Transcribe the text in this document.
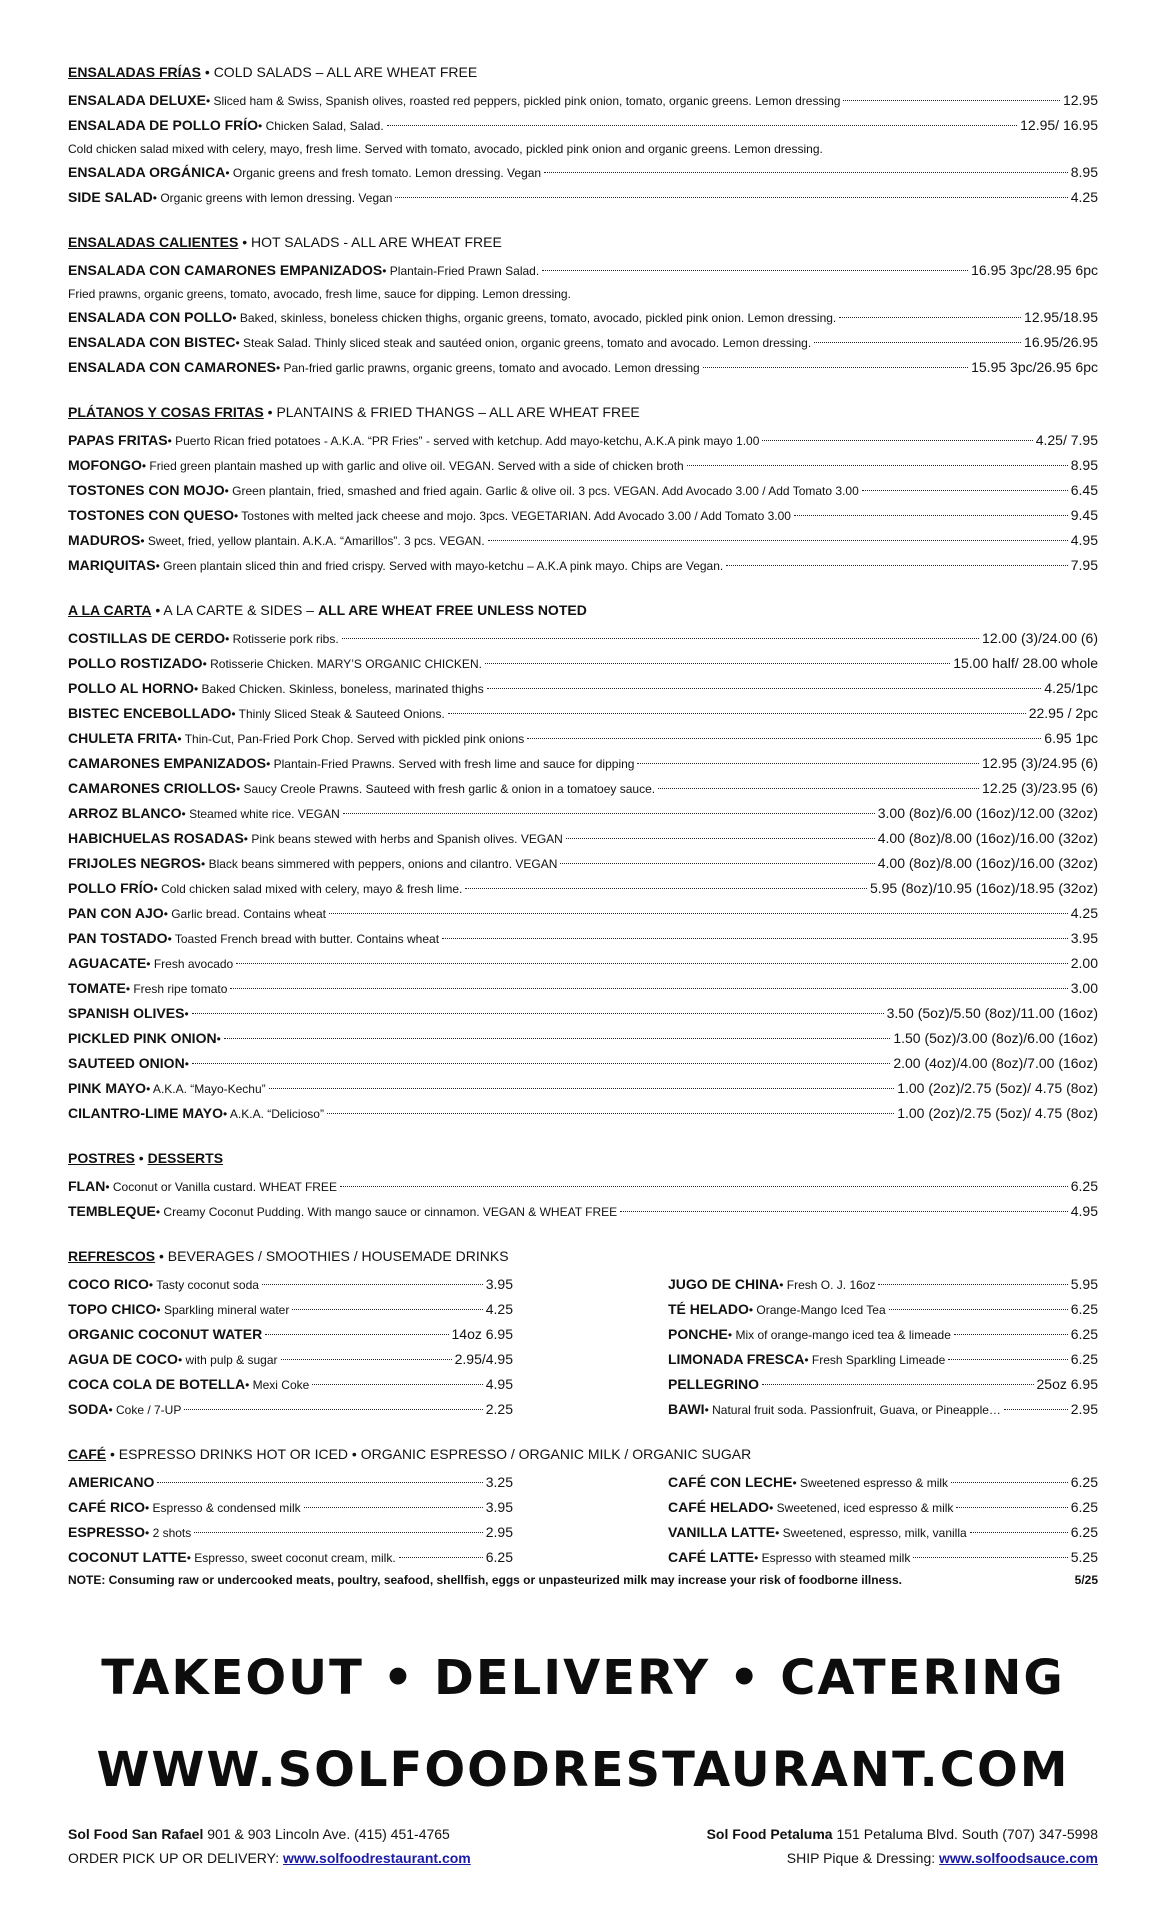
ENSALADAS FRÍAS • COLD SALADS – ALL ARE WHEAT FREE
ENSALADA DELUXE • Sliced ham & Swiss, Spanish olives, roasted red peppers, pickled pink onion, tomato, organic greens. Lemon dressing	12.95
ENSALADA DE POLLO FRÍO • Chicken Salad, Salad.	12.95/ 16.95
Cold chicken salad mixed with celery, mayo, fresh lime. Served with tomato, avocado, pickled pink onion and organic greens. Lemon dressing.
ENSALADA ORGÁNICA • Organic greens and fresh tomato. Lemon dressing. Vegan	8.95
SIDE SALAD • Organic greens with lemon dressing. Vegan	4.25
ENSALADAS CALIENTES • HOT SALADS - ALL ARE WHEAT FREE
ENSALADA CON CAMARONES EMPANIZADOS • Plantain-Fried Prawn Salad.	16.95 3pc/28.95 6pc
Fried prawns, organic greens, tomato, avocado, fresh lime, sauce for dipping. Lemon dressing.
ENSALADA CON POLLO • Baked, skinless, boneless chicken thighs, organic greens, tomato, avocado, pickled pink onion. Lemon dressing.	12.95/18.95
ENSALADA CON BISTEC • Steak Salad. Thinly sliced steak and sautéed onion, organic greens, tomato and avocado. Lemon dressing.	16.95/26.95
ENSALADA CON CAMARONES • Pan-fried garlic prawns, organic greens, tomato and avocado. Lemon dressing	15.95 3pc/26.95 6pc
PLÁTANOS Y COSAS FRITAS • PLANTAINS & FRIED THANGS – ALL ARE WHEAT FREE
PAPAS FRITAS • Puerto Rican fried potatoes - A.K.A. “PR Fries” - served with ketchup. Add mayo-ketchu, A.K.A pink mayo 1.00	4.25/ 7.95
MOFONGO • Fried green plantain mashed up with garlic and olive oil. VEGAN. Served with a side of chicken broth	8.95
TOSTONES CON MOJO • Green plantain, fried, smashed and fried again. Garlic & olive oil. 3 pcs. VEGAN. Add Avocado 3.00 / Add Tomato 3.00	6.45
TOSTONES CON QUESO • Tostones with melted jack cheese and mojo. 3pcs. VEGETARIAN. Add Avocado 3.00 / Add Tomato 3.00	9.45
MADUROS • Sweet, fried, yellow plantain. A.K.A. “Amarillos”. 3 pcs. VEGAN.	4.95
MARIQUITAS • Green plantain sliced thin and fried crispy. Served with mayo-ketchu – A.K.A pink mayo. Chips are Vegan.	7.95
A LA CARTA • A LA CARTE & SIDES – ALL ARE WHEAT FREE UNLESS NOTED
COSTILLAS DE CERDO • Rotisserie pork ribs.	12.00 (3)/24.00 (6)
POLLO ROSTIZADO • Rotisserie Chicken. MARY’S ORGANIC CHICKEN.	15.00 half/ 28.00 whole
POLLO AL HORNO • Baked Chicken. Skinless, boneless, marinated thighs	4.25/1pc
BISTEC ENCEBOLLADO • Thinly Sliced Steak & Sauteed Onions.	22.95 / 2pc
CHULETA FRITA • Thin-Cut, Pan-Fried Pork Chop. Served with pickled pink onions	6.95 1pc
CAMARONES EMPANIZADOS • Plantain-Fried Prawns. Served with fresh lime and sauce for dipping	12.95 (3)/24.95 (6)
CAMARONES CRIOLLOS • Saucy Creole Prawns. Sauteed with fresh garlic & onion in a tomatoey sauce.	12.25 (3)/23.95 (6)
ARROZ BLANCO • Steamed white rice. VEGAN	3.00 (8oz)/6.00 (16oz)/12.00 (32oz)
HABICHUELAS ROSADAS • Pink beans stewed with herbs and Spanish olives. VEGAN	4.00 (8oz)/8.00 (16oz)/16.00 (32oz)
FRIJOLES NEGROS • Black beans simmered with peppers, onions and cilantro. VEGAN	4.00 (8oz)/8.00 (16oz)/16.00 (32oz)
POLLO FRÍO • Cold chicken salad mixed with celery, mayo & fresh lime.	5.95 (8oz)/10.95 (16oz)/18.95 (32oz)
PAN CON AJO • Garlic bread. Contains wheat	4.25
PAN TOSTADO • Toasted French bread with butter. Contains wheat	3.95
AGUACATE • Fresh avocado	2.00
TOMATE • Fresh ripe tomato	3.00
SPANISH OLIVES •	3.50 (5oz)/5.50 (8oz)/11.00 (16oz)
PICKLED PINK ONION •	1.50 (5oz)/3.00 (8oz)/6.00 (16oz)
SAUTEED ONION •	2.00 (4oz)/4.00 (8oz)/7.00 (16oz)
PINK MAYO • A.K.A. “Mayo-Kechu”	1.00 (2oz)/2.75 (5oz)/ 4.75 (8oz)
CILANTRO-LIME MAYO • A.K.A. “Delicioso”	1.00 (2oz)/2.75 (5oz)/ 4.75 (8oz)
POSTRES • DESSERTS
FLAN • Coconut or Vanilla custard. WHEAT FREE	6.25
TEMBLEQUE • Creamy Coconut Pudding. With mango sauce or cinnamon. VEGAN & WHEAT FREE	4.95
REFRESCOS • BEVERAGES / SMOOTHIES / HOUSEMADE DRINKS
COCO RICO • Tasty coconut soda	3.95
TOPO CHICO • Sparkling mineral water	4.25
ORGANIC COCONUT WATER	14oz 6.95
AGUA DE COCO • with pulp & sugar	2.95/4.95
COCA COLA DE BOTELLA • Mexi Coke	4.95
SODA • Coke / 7-UP	2.25
JUGO DE CHINA • Fresh O. J. 16oz	5.95
TÉ HELADO • Orange-Mango Iced Tea	6.25
PONCHE • Mix of orange-mango iced tea & limeade	6.25
LIMONADA FRESCA • Fresh Sparkling Limeade	6.25
PELLEGRINO	25oz 6.95
BAWI • Natural fruit soda. Passionfruit, Guava, or Pineapple…	2.95
CAFÉ • ESPRESSO DRINKS HOT OR ICED • ORGANIC ESPRESSO / ORGANIC MILK / ORGANIC SUGAR
AMERICANO	3.25
CAFÉ RICO • Espresso & condensed milk	3.95
ESPRESSO • 2 shots	2.95
COCONUT LATTE • Espresso, sweet coconut cream, milk.	6.25
CAFÉ CON LECHE • Sweetened espresso & milk	6.25
CAFÉ HELADO • Sweetened, iced espresso & milk	6.25
VANILLA LATTE • Sweetened, espresso, milk, vanilla	6.25
CAFÉ LATTE • Espresso with steamed milk	5.25
NOTE: Consuming raw or undercooked meats, poultry, seafood, shellfish, eggs or unpasteurized milk may increase your risk of foodborne illness.	5/25
TAKEOUT • DELIVERY • CATERING
WWW.SOLFOODRESTAURANT.COM
Sol Food San Rafael 901 & 903 Lincoln Ave. (415) 451-4765	Sol Food Petaluma 151 Petaluma Blvd. South (707) 347-5998
ORDER PICK UP OR DELIVERY: www.solfoodrestaurant.com	SHIP Pique & Dressing: www.solfoodsauce.com
